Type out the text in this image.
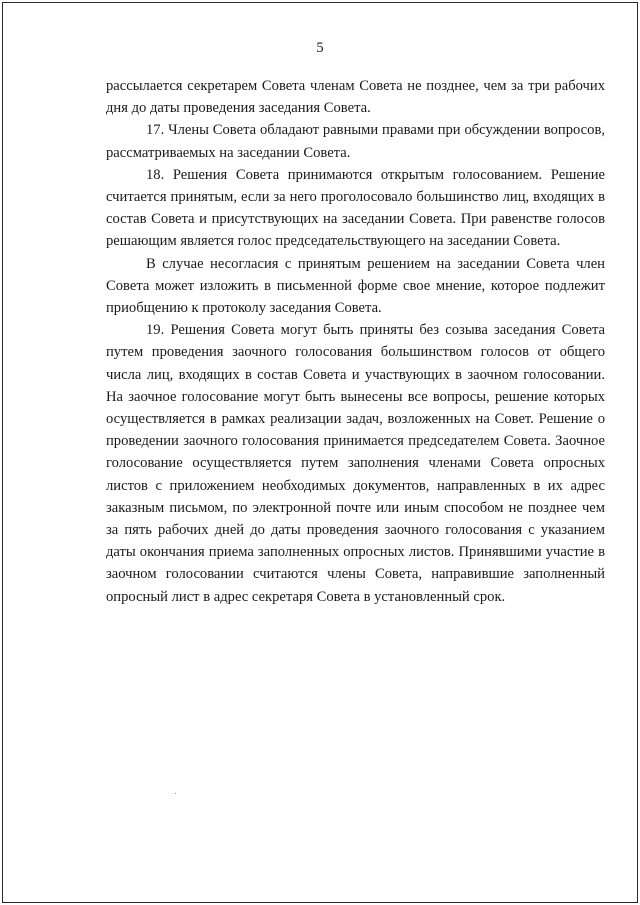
5

рассылается секретарем Совета членам Совета не позднее, чем за три рабочих дня до даты проведения заседания Совета.

17. Члены Совета обладают равными правами при обсуждении вопросов, рассматриваемых на заседании Совета.

18. Решения Совета принимаются открытым голосованием. Решение считается принятым, если за него проголосовало большинство лиц, входящих в состав Совета и присутствующих на заседании Совета. При равенстве голосов решающим является голос председательствующего на заседании Совета.

В случае несогласия с принятым решением на заседании Совета член Совета может изложить в письменной форме свое мнение, которое подлежит приобщению к протоколу заседания Совета.

19. Решения Совета могут быть приняты без созыва заседания Совета путем проведения заочного голосования большинством голосов от общего числа лиц, входящих в состав Совета и участвующих в заочном голосовании. На заочное голосование могут быть вынесены все вопросы, решение которых осуществляется в рамках реализации задач, возложенных на Совет. Решение о проведении заочного голосования принимается председателем Совета. Заочное голосование осуществляется путем заполнения членами Совета опросных листов с приложением необходимых документов, направленных в их адрес заказным письмом, по электронной почте или иным способом не позднее чем за пять рабочих дней до даты проведения заочного голосования с указанием даты окончания приема заполненных опросных листов. Принявшими участие в заочном голосовании считаются члены Совета, направившие заполненный опросный лист в адрес секретаря Совета в установленный срок.
